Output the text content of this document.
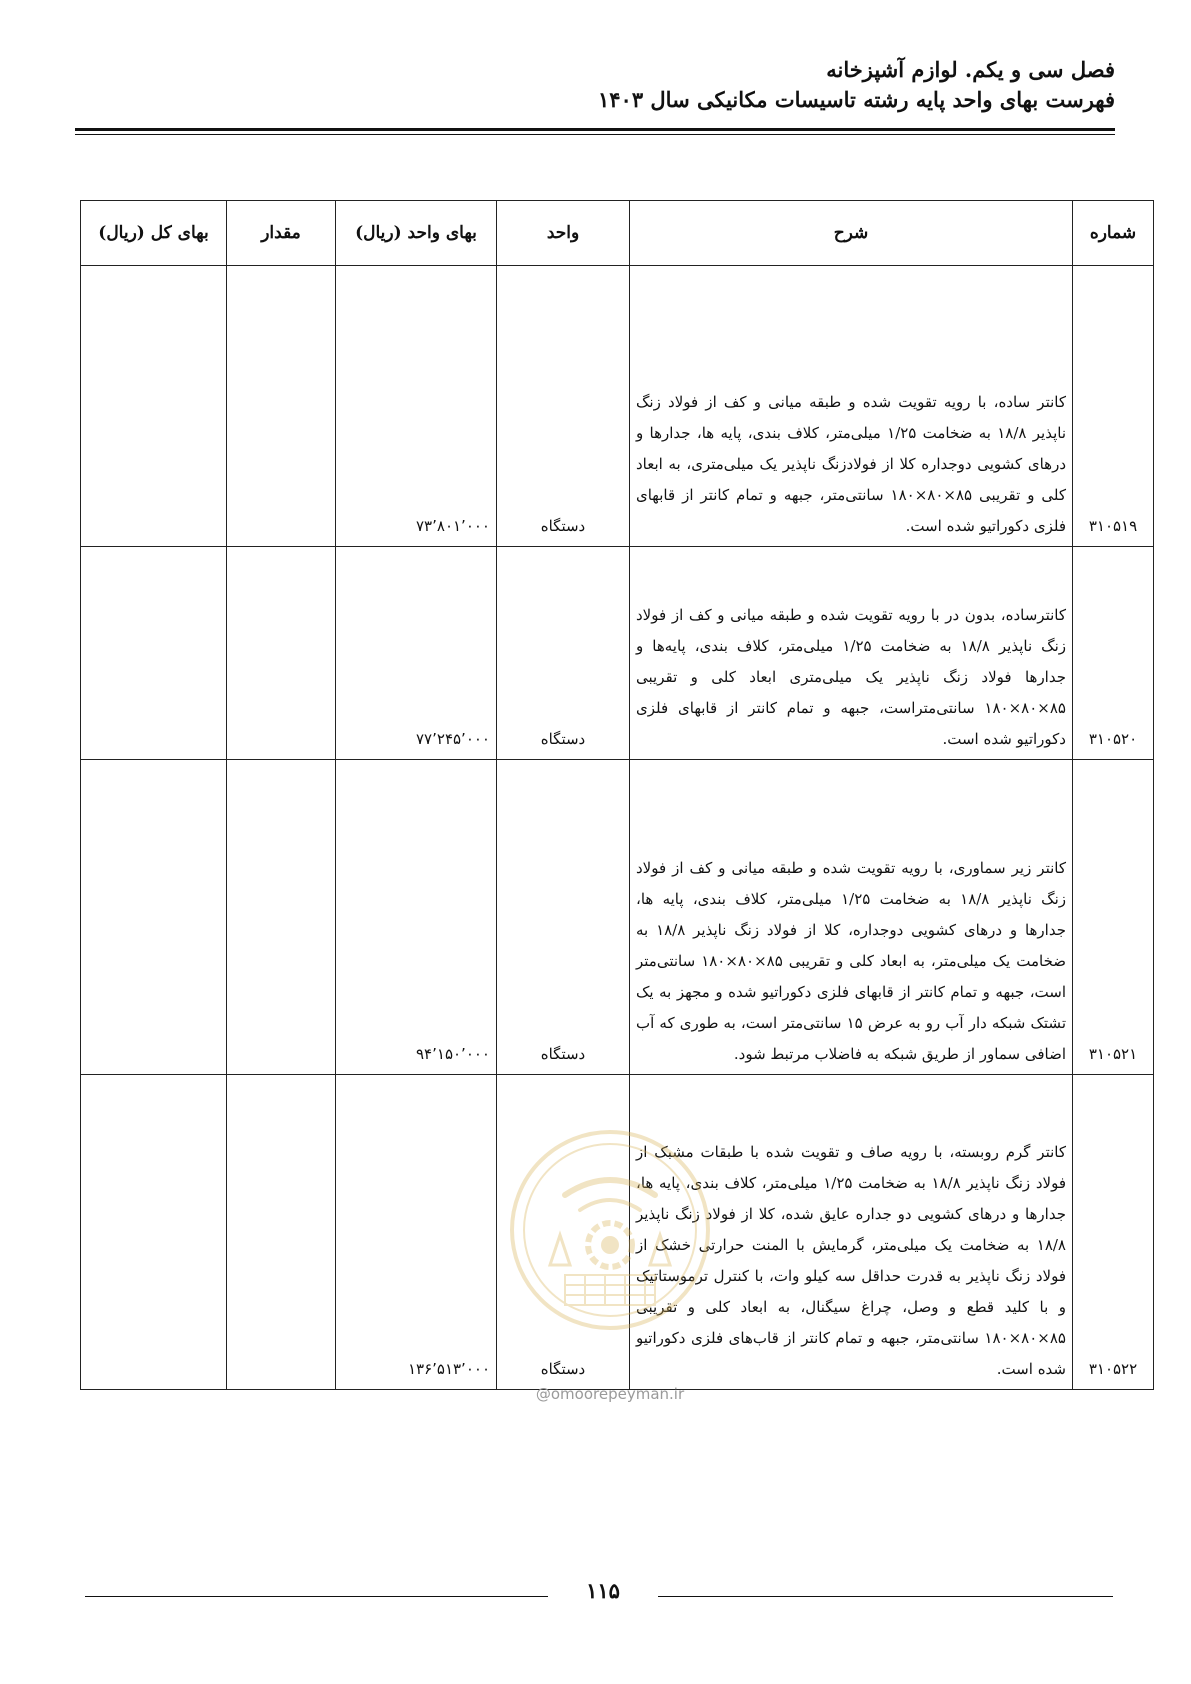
فصل سی و یکم. لوازم آشپزخانه
فهرست بهای واحد پایه رشته تاسیسات مکانیکی سال ۱۴۰۳
شماره	شرح	واحد	بهای واحد (ریال)	مقدار	بهای کل (ریال)
۳۱۰۵۱۹	کانتر ساده، با رویه تقویت شده و طبقه میانی و کف از فولاد زنگ ناپذیر ۱۸/۸ به ضخامت ۱/۲۵ میلی‌متر، کلاف بندی، پایه ها، جدارها و درهای کشویی دوجداره کلا از فولادزنگ ناپذیر یک میلی‌متری، به ابعاد کلی و تقریبی ۸۵×۸۰×۱۸۰ سانتی‌متر، جبهه و تمام کانتر از قابهای فلزی دکوراتیو شده است.	دستگاه	۷۳٬۸۰۱٬۰۰۰		
۳۱۰۵۲۰	کانترساده، بدون در با رویه تقویت شده و طبقه میانی و کف از فولاد زنگ ناپذیر ۱۸/۸ به ضخامت ۱/۲۵ میلی‌متر، کلاف بندی، پایه‌ها و جدارها فولاد زنگ ناپذیر یک میلی‌متری ابعاد کلی و تقریبی ۸۵×۸۰×۱۸۰ سانتی‌متراست، جبهه و تمام کانتر از قابهای فلزی دکوراتیو شده است.	دستگاه	۷۷٬۲۴۵٬۰۰۰		
۳۱۰۵۲۱	کانتر زیر سماوری، با رویه تقویت شده و طبقه میانی و کف از فولاد زنگ ناپذیر ۱۸/۸ به ضخامت ۱/۲۵ میلی‌متر، کلاف بندی، پایه ها، جدارها و درهای کشویی دوجداره، کلا از فولاد زنگ ناپذیر ۱۸/۸ به ضخامت یک میلی‌متر، به ابعاد کلی و تقریبی ۸۵×۸۰×۱۸۰ سانتی‌متر است، جبهه و تمام کانتر از قابهای فلزی دکوراتیو شده و مجهز به یک تشتک شبکه دار آب رو به عرض ۱۵ سانتی‌متر است، به طوری که آب اضافی سماور از طریق شبکه به فاضلاب مرتبط شود.	دستگاه	۹۴٬۱۵۰٬۰۰۰		
۳۱۰۵۲۲	کانتر گرم روبسته، با رویه صاف و تقویت شده با طبقات مشبک از فولاد زنگ ناپذیر ۱۸/۸ به ضخامت ۱/۲۵ میلی‌متر، کلاف بندی، پایه ها، جدارها و درهای کشویی دو جداره عایق شده، کلا از فولاد زنگ ناپذیر ۱۸/۸ به ضخامت یک میلی‌متر، گرمایش با المنت حرارتی خشک از فولاد زنگ ناپذیر به قدرت حداقل سه کیلو وات، با کنترل ترموستاتیک و با کلید قطع و وصل، چراغ سیگنال، به ابعاد کلی و تقریبی ۸۵×۸۰×۱۸۰ سانتی‌متر، جبهه و تمام کانتر از قاب‌های فلزی دکوراتیو شده است.	دستگاه	۱۳۶٬۵۱۳٬۰۰۰		
@omoorepeyman.ir
۱۱۵
